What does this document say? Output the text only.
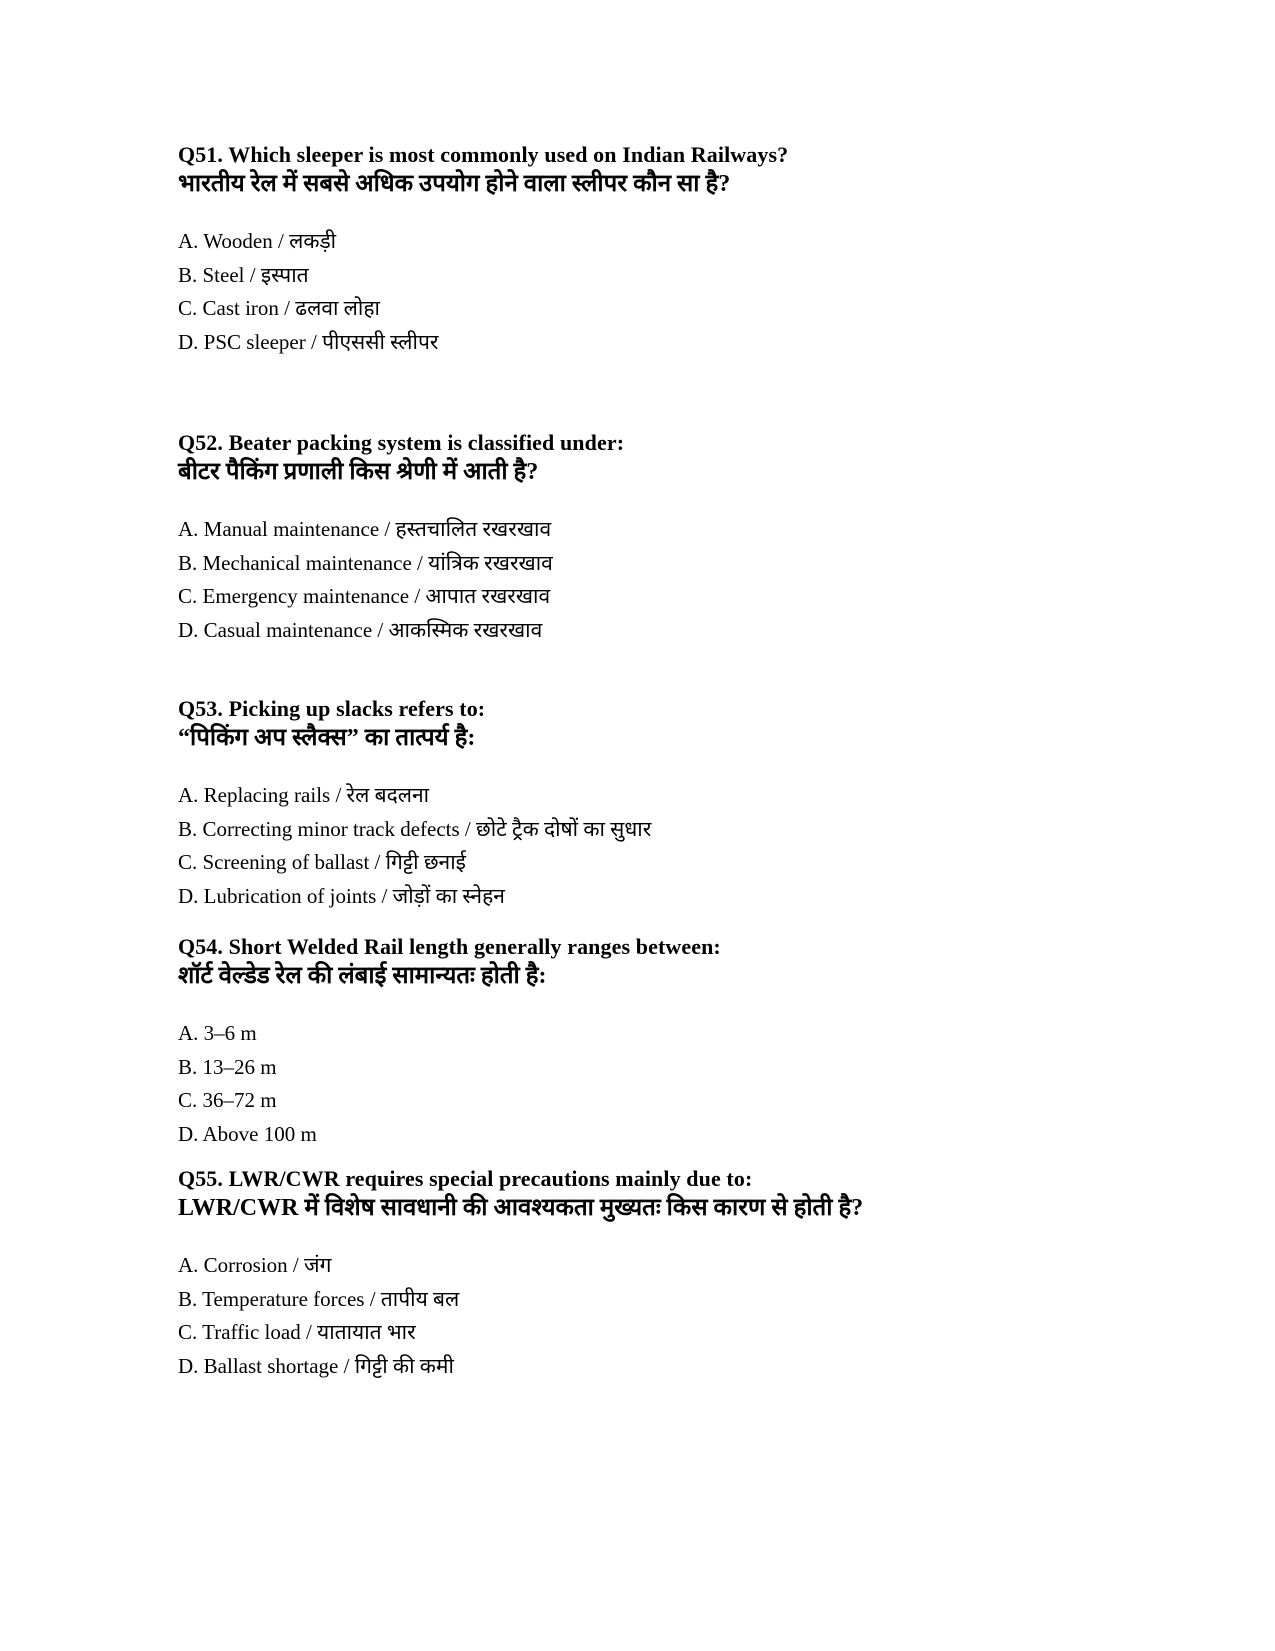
Q51. Which sleeper is most commonly used on Indian Railways?

भारतीय रेल में सबसे अधिक उपयोग होने वाला स्लीपर कौन सा है?

A. Wooden / लकड़ी

B. Steel / इस्पात

C. Cast iron / ढलवा लोहा

D. PSC sleeper / पीएससी स्लीपर

Q52. Beater packing system is classified under:

बीटर पैकिंग प्रणाली किस श्रेणी में आती है?

A. Manual maintenance / हस्तचालित रखरखाव

B. Mechanical maintenance / यांत्रिक रखरखाव

C. Emergency maintenance / आपात रखरखाव

D. Casual maintenance / आकस्मिक रखरखाव

Q53. Picking up slacks refers to:

“पिकिंग अप स्लैक्स” का तात्पर्य है:

A. Replacing rails / रेल बदलना

B. Correcting minor track defects / छोटे ट्रैक दोषों का सुधार

C. Screening of ballast / गिट्टी छनाई

D. Lubrication of joints / जोड़ों का स्नेहन

Q54. Short Welded Rail length generally ranges between:

शॉर्ट वेल्डेड रेल की लंबाई सामान्यतः होती है:

A. 3–6 m

B. 13–26 m

C. 36–72 m

D. Above 100 m

Q55. LWR/CWR requires special precautions mainly due to:

LWR/CWR में विशेष सावधानी की आवश्यकता मुख्यतः किस कारण से होती है?

A. Corrosion / जंग

B. Temperature forces / तापीय बल

C. Traffic load / यातायात भार

D. Ballast shortage / गिट्टी की कमी
